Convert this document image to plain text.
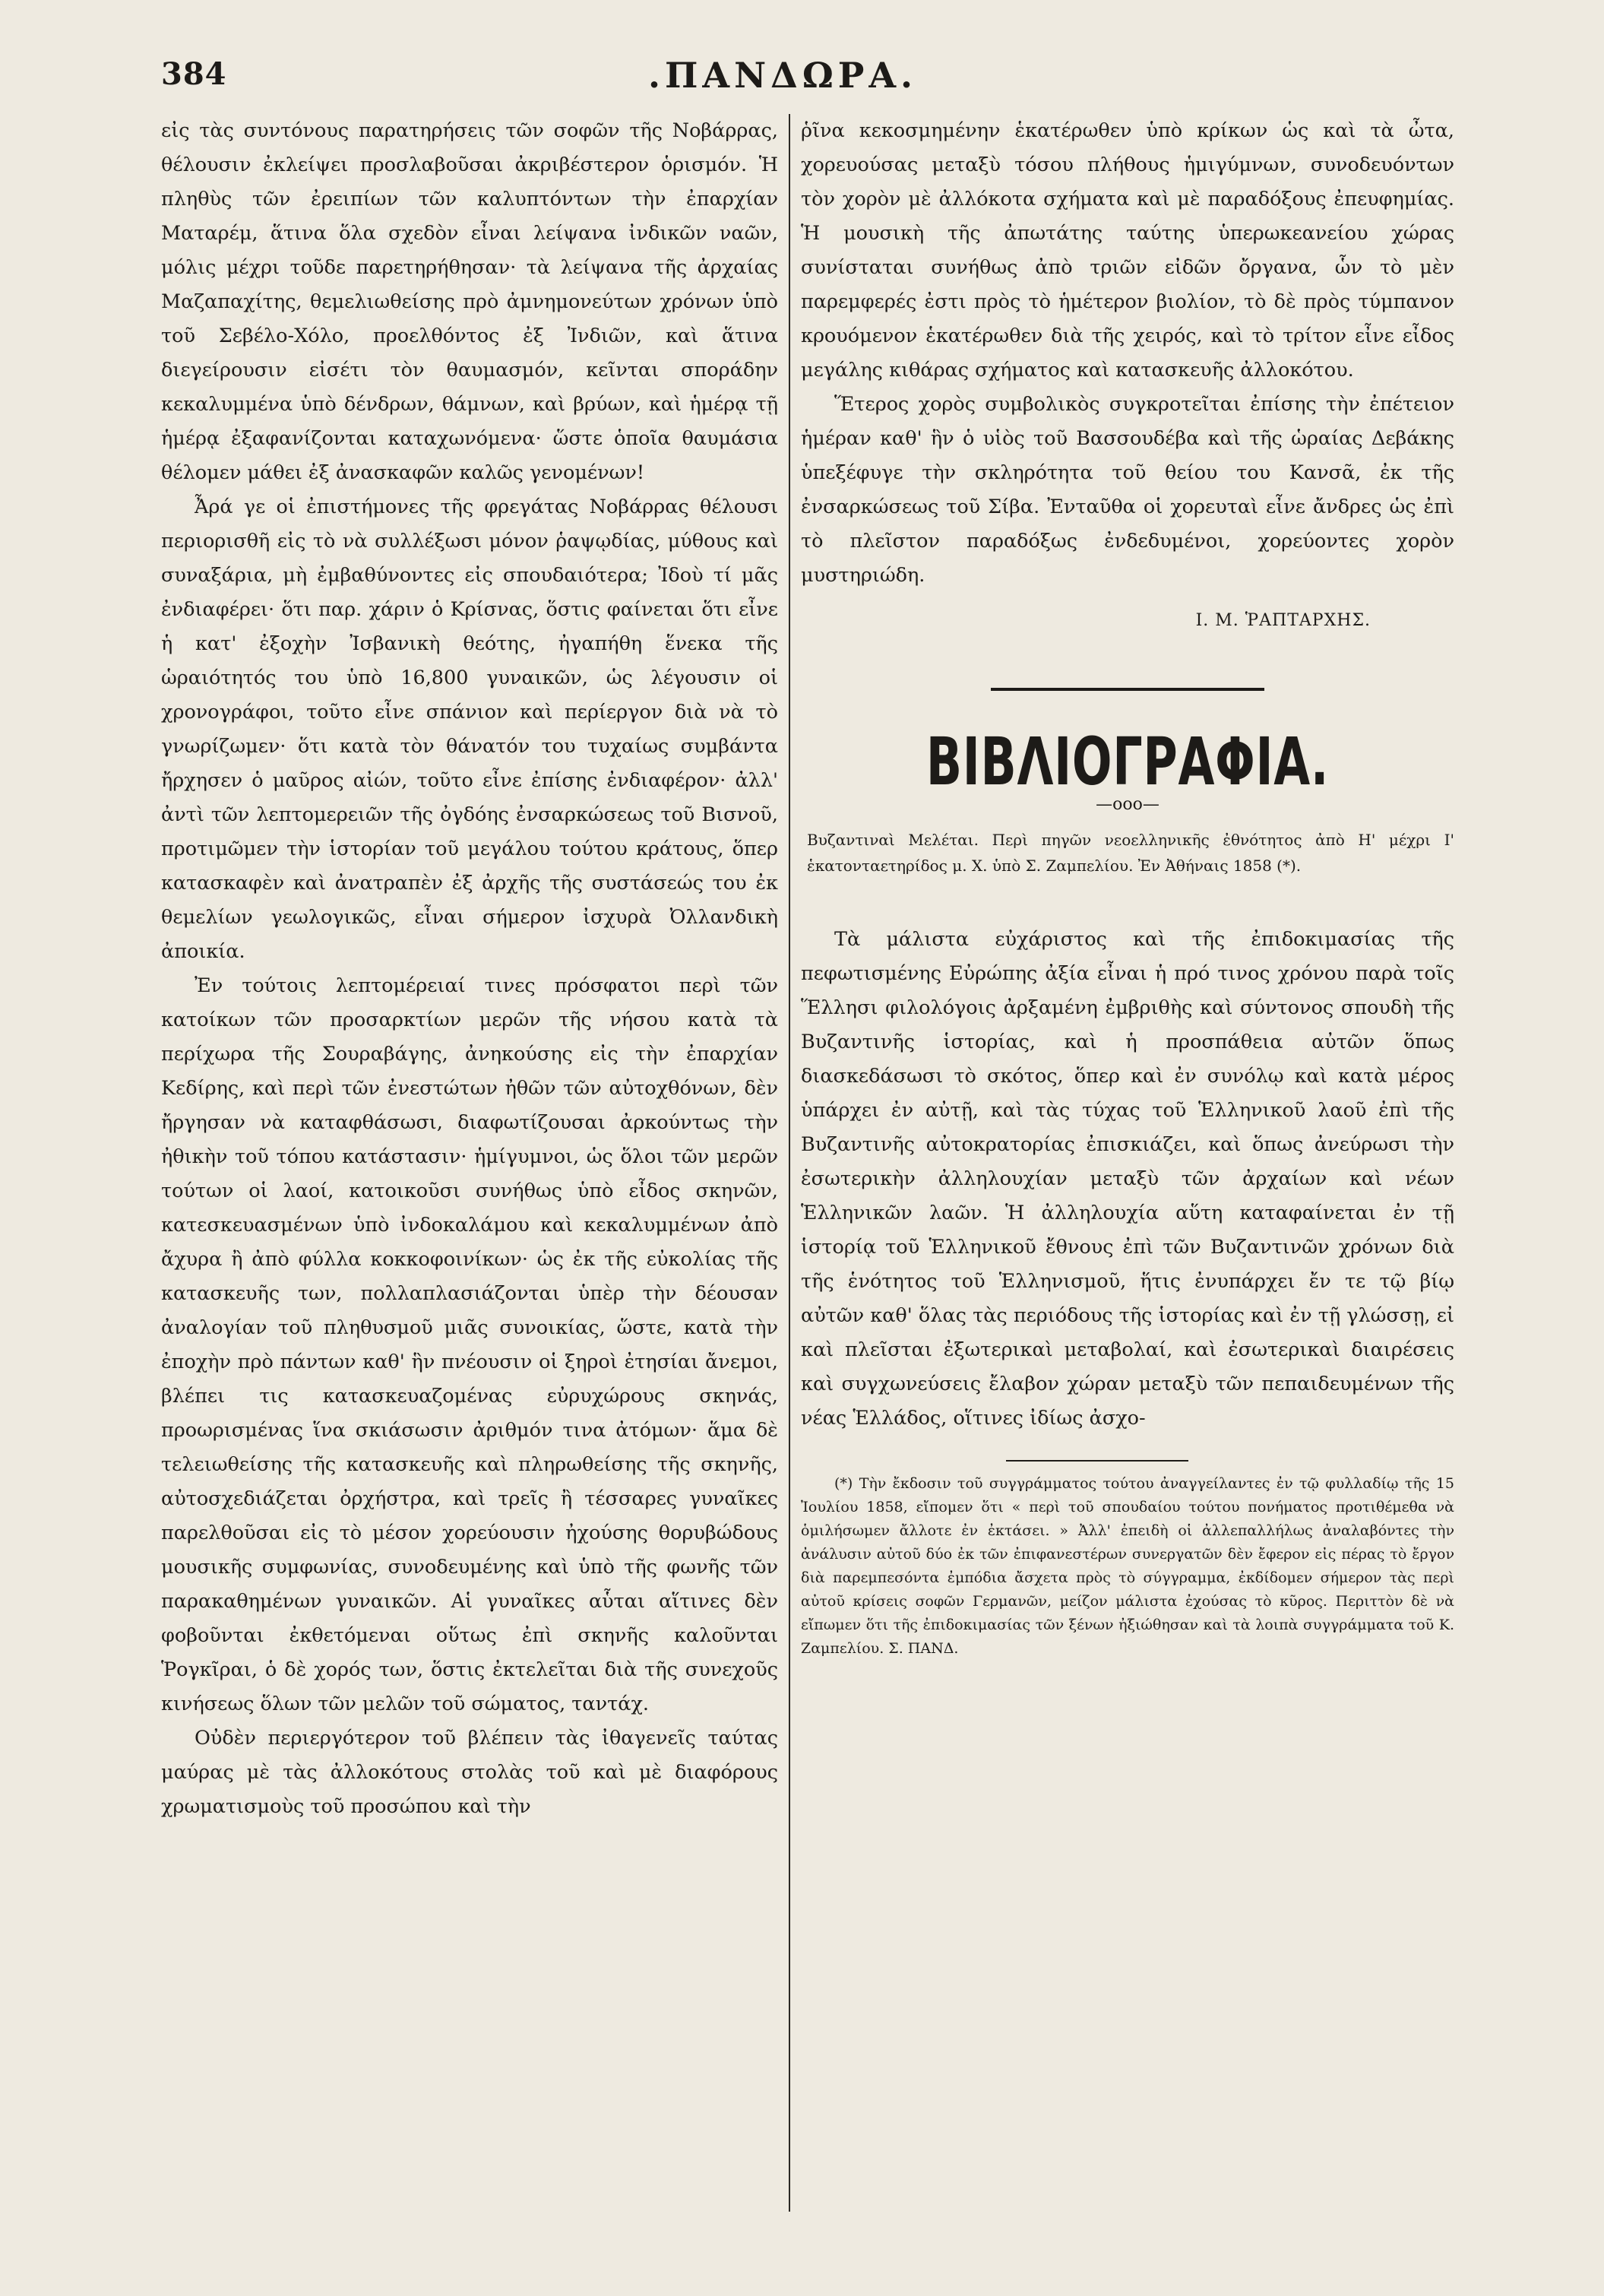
384	.ΠΑΝΔΩΡΑ.

εἰς τὰς συντόνους παρατηρήσεις τῶν σοφῶν τῆς Νοβάρρας, θέλουσιν ἐκλείψει προσλαβοῦσαι ἀκριβέστερον ὁρισμόν. Ἡ πληθὺς τῶν ἐρειπίων τῶν καλυπτόντων τὴν ἐπαρχίαν Ματαρέμ, ἅτινα ὅλα σχεδὸν εἶναι λείψανα ἰνδικῶν ναῶν, μόλις μέχρι τοῦδε παρετηρήθησαν· τὰ λείψανα τῆς ἀρχαίας Μαζαπαχίτης, θεμελιωθείσης πρὸ ἀμνημονεύτων χρόνων ὑπὸ τοῦ Σεβέλο-Χόλο, προελθόντος ἐξ Ἰνδιῶν, καὶ ἅτινα διεγείρουσιν εἰσέτι τὸν θαυμασμόν, κεῖνται σποράδην κεκαλυμμένα ὑπὸ δένδρων, θάμνων, καὶ βρύων, καὶ ἡμέρᾳ τῇ ἡμέρᾳ ἐξαφανίζονται καταχωνόμενα· ὥστε ὁποῖα θαυμάσια θέλομεν μάθει ἐξ ἀνασκαφῶν καλῶς γενομένων!

Ἆρά γε οἱ ἐπιστήμονες τῆς φρεγάτας Νοβάρρας θέλουσι περιορισθῆ εἰς τὸ νὰ συλλέξωσι μόνον ῥαψῳδίας, μύθους καὶ συναξάρια, μὴ ἐμβαθύνοντες εἰς σπουδαιότερα; Ἰδοὺ τί μᾶς ἐνδιαφέρει· ὅτι παρ. χάριν ὁ Κρίσνας, ὅστις φαίνεται ὅτι εἶνε ἡ κατ' ἐξοχὴν Ἰσβανικὴ θεότης, ἠγαπήθη ἕνεκα τῆς ὡραιότητός του ὑπὸ 16,800 γυναικῶν, ὡς λέγουσιν οἱ χρονογράφοι, τοῦτο εἶνε σπάνιον καὶ περίεργον διὰ νὰ τὸ γνωρίζωμεν· ὅτι κατὰ τὸν θάνατόν του τυχαίως συμβάντα ἤρχησεν ὁ μαῦρος αἰών, τοῦτο εἶνε ἐπίσης ἐνδιαφέρον· ἀλλ' ἀντὶ τῶν λεπτομερειῶν τῆς ὀγδόης ἐνσαρκώσεως τοῦ Βισνοῦ, προτιμῶμεν τὴν ἱστορίαν τοῦ μεγάλου τούτου κράτους, ὅπερ κατασκαφὲν καὶ ἀνατραπὲν ἐξ ἀρχῆς τῆς συστάσεώς του ἐκ θεμελίων γεωλογικῶς, εἶναι σήμερον ἰσχυρὰ Ὀλλανδικὴ ἀποικία.

Ἐν τούτοις λεπτομέρειαί τινες πρόσφατοι περὶ τῶν κατοίκων τῶν προσαρκτίων μερῶν τῆς νήσου κατὰ τὰ περίχωρα τῆς Σουραβάγης, ἀνηκούσης εἰς τὴν ἐπαρχίαν Κεδίρης, καὶ περὶ τῶν ἐνεστώτων ἠθῶν τῶν αὐτοχθόνων, δὲν ἤργησαν νὰ καταφθάσωσι, διαφωτίζουσαι ἀρκούντως τὴν ἠθικὴν τοῦ τόπου κατάστασιν· ἡμίγυμνοι, ὡς ὅλοι τῶν μερῶν τούτων οἱ λαοί, κατοικοῦσι συνήθως ὑπὸ εἶδος σκηνῶν, κατεσκευασμένων ὑπὸ ἰνδοκαλάμου καὶ κεκαλυμμένων ἀπὸ ἄχυρα ἢ ἀπὸ φύλλα κοκκοφοινίκων· ὡς ἐκ τῆς εὐκολίας τῆς κατασκευῆς των, πολλαπλασιάζονται ὑπὲρ τὴν δέουσαν ἀναλογίαν τοῦ πληθυσμοῦ μιᾶς συνοικίας, ὥστε, κατὰ τὴν ἐποχὴν πρὸ πάντων καθ' ἣν πνέουσιν οἱ ξηροὶ ἐτησίαι ἄνεμοι, βλέπει τις κατασκευαζομένας εὐρυχώρους σκηνάς, προωρισμένας ἵνα σκιάσωσιν ἀριθμόν τινα ἀτόμων· ἅμα δὲ τελειωθείσης τῆς κατασκευῆς καὶ πληρωθείσης τῆς σκηνῆς, αὐτοσχεδιάζεται ὀρχήστρα, καὶ τρεῖς ἢ τέσσαρες γυναῖκες παρελθοῦσαι εἰς τὸ μέσον χορεύουσιν ἠχούσης θορυβώδους μουσικῆς συμφωνίας, συνοδευμένης καὶ ὑπὸ τῆς φωνῆς τῶν παρακαθημένων γυναικῶν. Αἱ γυναῖκες αὗται αἵτινες δὲν φοβοῦνται ἐκθετόμεναι οὕτως ἐπὶ σκηνῆς καλοῦνται Ῥογκῖραι, ὁ δὲ χορός των, ὅστις ἐκτελεῖται διὰ τῆς συνεχοῦς κινήσεως ὅλων τῶν μελῶν τοῦ σώματος, ταντάχ.

Οὐδὲν περιεργότερον τοῦ βλέπειν τὰς ἰθαγενεῖς ταύτας μαύρας μὲ τὰς ἀλλοκότους στολὰς τοῦ καὶ μὲ διαφόρους χρωματισμοὺς τοῦ προσώπου καὶ τὴν

ῥῖνα κεκοσμημένην ἑκατέρωθεν ὑπὸ κρίκων ὡς καὶ τὰ ὦτα, χορευούσας μεταξὺ τόσου πλήθους ἡμιγύμνων, συνοδευόντων τὸν χορὸν μὲ ἀλλόκοτα σχήματα καὶ μὲ παραδόξους ἐπευφημίας. Ἡ μουσικὴ τῆς ἀπωτάτης ταύτης ὑπερωκεανείου χώρας συνίσταται συνήθως ἀπὸ τριῶν εἰδῶν ὄργανα, ὧν τὸ μὲν παρεμφερές ἐστι πρὸς τὸ ἡμέτερον βιολίον, τὸ δὲ πρὸς τύμπανον κρουόμενον ἑκατέρωθεν διὰ τῆς χειρός, καὶ τὸ τρίτον εἶνε εἶδος μεγάλης κιθάρας σχήματος καὶ κατασκευῆς ἀλλοκότου.

Ἕτερος χορὸς συμβολικὸς συγκροτεῖται ἐπίσης τὴν ἐπέτειον ἡμέραν καθ' ἣν ὁ υἱὸς τοῦ Βασσουδέβα καὶ τῆς ὡραίας Δεβάκης ὑπεξέφυγε τὴν σκληρότητα τοῦ θείου του Κανσᾶ, ἐκ τῆς ἐνσαρκώσεως τοῦ Σίβα. Ἐνταῦθα οἱ χορευταὶ εἶνε ἄνδρες ὡς ἐπὶ τὸ πλεῖστον παραδόξως ἐνδεδυμένοι, χορεύοντες χορὸν μυστηριώδη.

Ι. Μ. ῬΑΠΤΑΡΧΗΣ.
ΒΙΒΛΙΟΓΡΑΦΙΑ.
—οοο—
Βυζαντιναὶ Μελέται. Περὶ πηγῶν νεοελληνικῆς ἐθνότητος ἀπὸ Η' μέχρι Ι' ἑκατονταετηρίδος μ. Χ. ὑπὸ Σ. Ζαμπελίου. Ἐν Ἀθήναις 1858 (*).

Τὰ μάλιστα εὐχάριστος καὶ τῆς ἐπιδοκιμασίας τῆς πεφωτισμένης Εὐρώπης ἀξία εἶναι ἡ πρό τινος χρόνου παρὰ τοῖς Ἕλλησι φιλολόγοις ἀρξαμένη ἐμβριθὴς καὶ σύντονος σπουδὴ τῆς Βυζαντινῆς ἱστορίας, καὶ ἡ προσπάθεια αὐτῶν ὅπως διασκεδάσωσι τὸ σκότος, ὅπερ καὶ ἐν συνόλῳ καὶ κατὰ μέρος ὑπάρχει ἐν αὐτῇ, καὶ τὰς τύχας τοῦ Ἑλληνικοῦ λαοῦ ἐπὶ τῆς Βυζαντινῆς αὐτοκρατορίας ἐπισκιάζει, καὶ ὅπως ἀνεύρωσι τὴν ἐσωτερικὴν ἀλληλουχίαν μεταξὺ τῶν ἀρχαίων καὶ νέων Ἑλληνικῶν λαῶν. Ἡ ἀλληλουχία αὕτη καταφαίνεται ἐν τῇ ἱστορίᾳ τοῦ Ἑλληνικοῦ ἔθνους ἐπὶ τῶν Βυζαντινῶν χρόνων διὰ τῆς ἑνότητος τοῦ Ἑλληνισμοῦ, ἥτις ἐνυπάρχει ἔν τε τῷ βίῳ αὐτῶν καθ' ὅλας τὰς περιόδους τῆς ἱστορίας καὶ ἐν τῇ γλώσσῃ, εἰ καὶ πλεῖσται ἐξωτερικαὶ μεταβολαί, καὶ ἐσωτερικαὶ διαιρέσεις καὶ συγχωνεύσεις ἔλαβον χώραν μεταξὺ τῶν πεπαιδευμένων τῆς νέας Ἑλλάδος, οἵτινες ἰδίως ἀσχο-

(*) Τὴν ἔκδοσιν τοῦ συγγράμματος τούτου ἀναγγείλαντες ἐν τῷ φυλλαδίῳ τῆς 15 Ἰουλίου 1858, εἴπομεν ὅτι « περὶ τοῦ σπουδαίου τούτου πονήματος προτιθέμεθα νὰ ὁμιλήσωμεν ἄλλοτε ἐν ἐκτάσει. » Ἀλλ' ἐπειδὴ οἱ ἀλλεπαλλήλως ἀναλαβόντες τὴν ἀνάλυσιν αὐτοῦ δύο ἐκ τῶν ἐπιφανεστέρων συνεργατῶν δὲν ἔφερον εἰς πέρας τὸ ἔργον διὰ παρεμπεσόντα ἐμπόδια ἄσχετα πρὸς τὸ σύγγραμμα, ἐκδίδομεν σήμερον τὰς περὶ αὐτοῦ κρίσεις σοφῶν Γερμανῶν, μείζον μάλιστα ἐχούσας τὸ κῦρος. Περιττὸν δὲ νὰ εἴπωμεν ὅτι τῆς ἐπιδοκιμασίας τῶν ξένων ἠξιώθησαν καὶ τὰ λοιπὰ συγγράμματα τοῦ Κ. Ζαμπελίου. Σ. ΠΑΝΔ.
